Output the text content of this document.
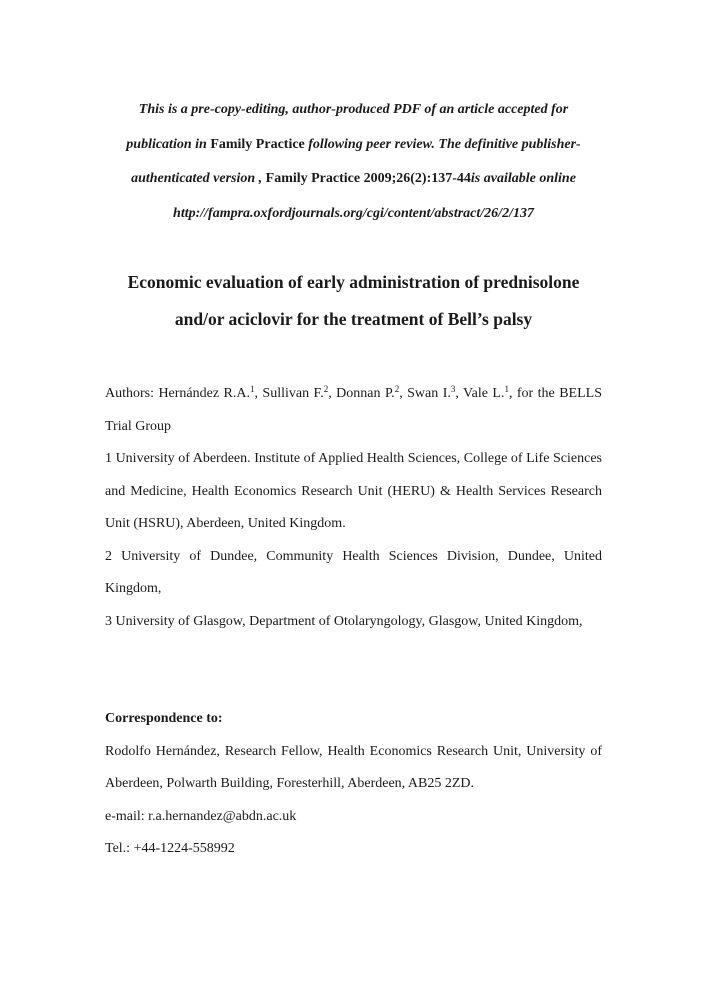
This is a pre-copy-editing, author-produced PDF of an article accepted for
publication in Family Practice following peer review. The definitive publisher-
authenticated version , Family Practice 2009;26(2):137-44is available online
http://fampra.oxfordjournals.org/cgi/content/abstract/26/2/137
Economic evaluation of early administration of prednisolone
and/or aciclovir for the treatment of Bell’s palsy

Authors: Hernández R.A.$^1$, Sullivan F.$^2$, Donnan P.$^2$, Swan I.$^3$, Vale L.$^1$, for the BELLS Trial Group

1 University of Aberdeen. Institute of Applied Health Sciences, College of Life Sciences and Medicine, Health Economics Research Unit (HERU) & Health Services Research Unit (HSRU), Aberdeen, United Kingdom.

2 University of Dundee, Community Health Sciences Division, Dundee, United Kingdom,

3 University of Glasgow, Department of Otolaryngology, Glasgow, United Kingdom,

Correspondence to:

Rodolfo Hernández, Research Fellow, Health Economics Research Unit, University of Aberdeen, Polwarth Building, Foresterhill, Aberdeen, AB25 2ZD.

e-mail: r.a.hernandez@abdn.ac.uk

Tel.: +44-1224-558992
